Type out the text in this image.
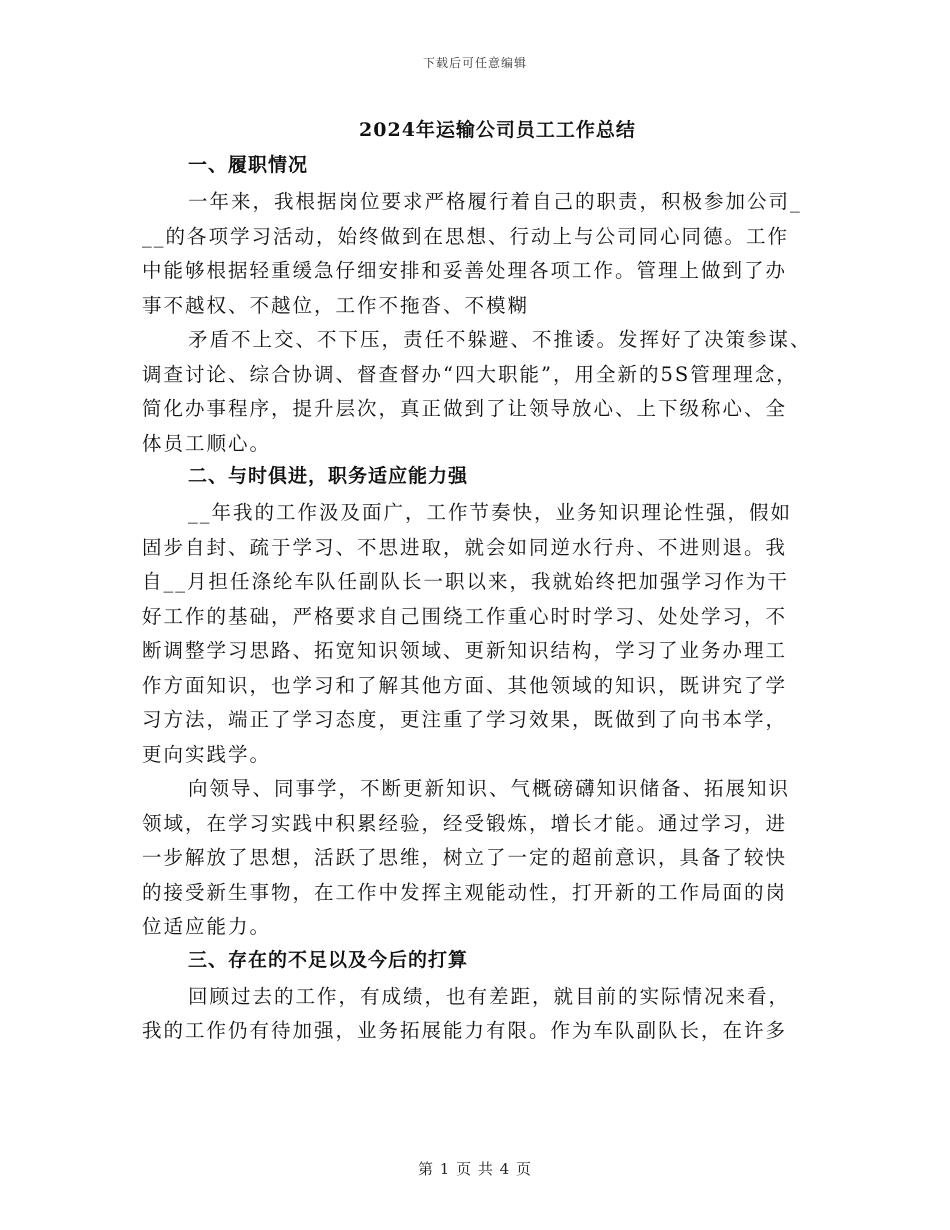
下载后可任意编辑
2024年运输公司员工工作总结
一、履职情况

一年来，我根据岗位要求严格履行着自己的职责，积极参加公司_
__的各项学习活动，始终做到在思想、行动上与公司同心同德。工作
中能够根据轻重缓急仔细安排和妥善处理各项工作。管理上做到了办
事不越权、不越位，工作不拖沓、不模糊

矛盾不上交、不下压，责任不躲避、不推诿。发挥好了决策参谋、
调查讨论、综合协调、督查督办“四大职能”，用全新的5S管理理念，
简化办事程序，提升层次，真正做到了让领导放心、上下级称心、全
体员工顺心。

二、与时俱进，职务适应能力强

__年我的工作汲及面广，工作节奏快，业务知识理论性强，假如
固步自封、疏于学习、不思进取，就会如同逆水行舟、不进则退。我
自__月担任涤纶车队任副队长一职以来，我就始终把加强学习作为干
好工作的基础，严格要求自己围绕工作重心时时学习、处处学习，不
断调整学习思路、拓宽知识领域、更新知识结构，学习了业务办理工
作方面知识，也学习和了解其他方面、其他领域的知识，既讲究了学
习方法，端正了学习态度，更注重了学习效果，既做到了向书本学，
更向实践学。

向领导、同事学，不断更新知识、气概磅礴知识储备、拓展知识
领域，在学习实践中积累经验，经受锻炼，增长才能。通过学习，进
一步解放了思想，活跃了思维，树立了一定的超前意识，具备了较快
的接受新生事物，在工作中发挥主观能动性，打开新的工作局面的岗
位适应能力。

三、存在的不足以及今后的打算

回顾过去的工作，有成绩，也有差距，就目前的实际情况来看，
我的工作仍有待加强，业务拓展能力有限。作为车队副队长，在许多

第 1 页 共 4 页
